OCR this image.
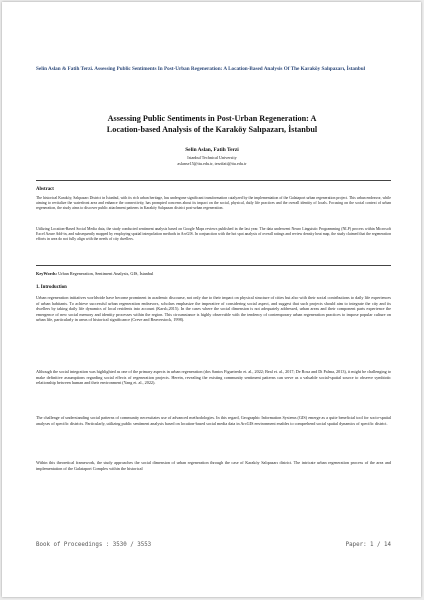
Selin Aslan & Fatih Terzi. Assessing Public Sentiments In Post-Urban Regeneration: A Location-Based Analysis Of The Karaköy Salıpazarı, İstanbul
Assessing Public Sentiments in Post-Urban Regeneration: A
Location-based Analysis of the Karaköy Salıpazarı, İstanbul
Selin Aslan, Fatih Terzi
Istanbul Technical University
aslanse15@itu.edu.tr, terzifati@itu.edu.tr
Abstract

The historical Karaköy, Salıpazarı District in İstanbul, with its rich urban heritage, has undergone significant transformation catalyzed by the implementation of the Galataport urban regeneration project. This urban endeavor, while aiming to revitalize the waterfront area and enhance the connectivity, has prompted concerns about its impact on the social, physical, daily life practices and the overall identity of locals. Focusing on the social context of urban regeneration, the study aims to discover public attachment patterns in Karaköy Salıpazarı district post-urban regeneration.

Utilizing Location-Based Social Media data, the study conducted sentiment analysis based on Google Maps reviews published in the last year. The data underwent Neuro Linguistic Programming (NLP) process within Microsoft Excel Azure Add-in, and subsequently mapped by employing spatial interpolation methods in ArcGIS. In conjunction with the hot spot analysis of overall ratings and review density heat map, the study claimed that the regeneration efforts in area do not fully align with the needs of city dwellers.

KeyWords: Urban Regeneration, Sentiment Analysis, GIS, İstanbul
1. Introduction

Urban regeneration initiatives worldwide have become prominent in academic discourse, not only due to their impact on physical structure of cities but also with their social contributions to daily life experiences of urban habitants. To achieve successful urban regeneration endeavors, scholars emphasize the imperative of considering social aspect, and suggest that such projects should aim to integrate the city and its dwellers by taking daily life dynamics of local residents into account (Karslı,2015). In the cases where the social dimension is not adequately addressed, urban areas and their component parts experience the emergence of new social memory and identity processes within the region. This circumstance is highly observable with the tendency of contemporary urban regeneration practices to impose popular culture on urban life, particularly in areas of historical significance (Creve and Beaverstock, 1998).

Although the social integration was highlighted as one of the primary aspects in urban regeneration (dos Santos Figueiredo et. al., 2022; Beal et. al., 2017; De Rosa and Di Palma, 2013), it might be challenging to make definitive assumptions regarding social effects of regeneration projects. Herein, revealing the existing community sentiment patterns can serve as a valuable social-spatial source to observe symbiotic relationship between human and their environment (Yang et. al., 2022).

The challenge of understanding social patterns of community necessitates use of advanced methodologies. In this regard, Geographic Information Systems (GIS) emerge as a quite beneficial tool for socio-spatial analyses of specific districts. Particularly, utilizing public sentiment analysis based on location-based social media data in ArcGIS environment enables to comprehend social spatial dynamics of specific district.

Within this theoretical framework, the study approaches the social dimension of urban regeneration through the case of Karaköy Salıpazarı district. The intricate urban regeneration process of the area and implementation of the Galataport Complex within the historical

Book of Proceedings : 3530 / 3553	Paper: 1 / 14
